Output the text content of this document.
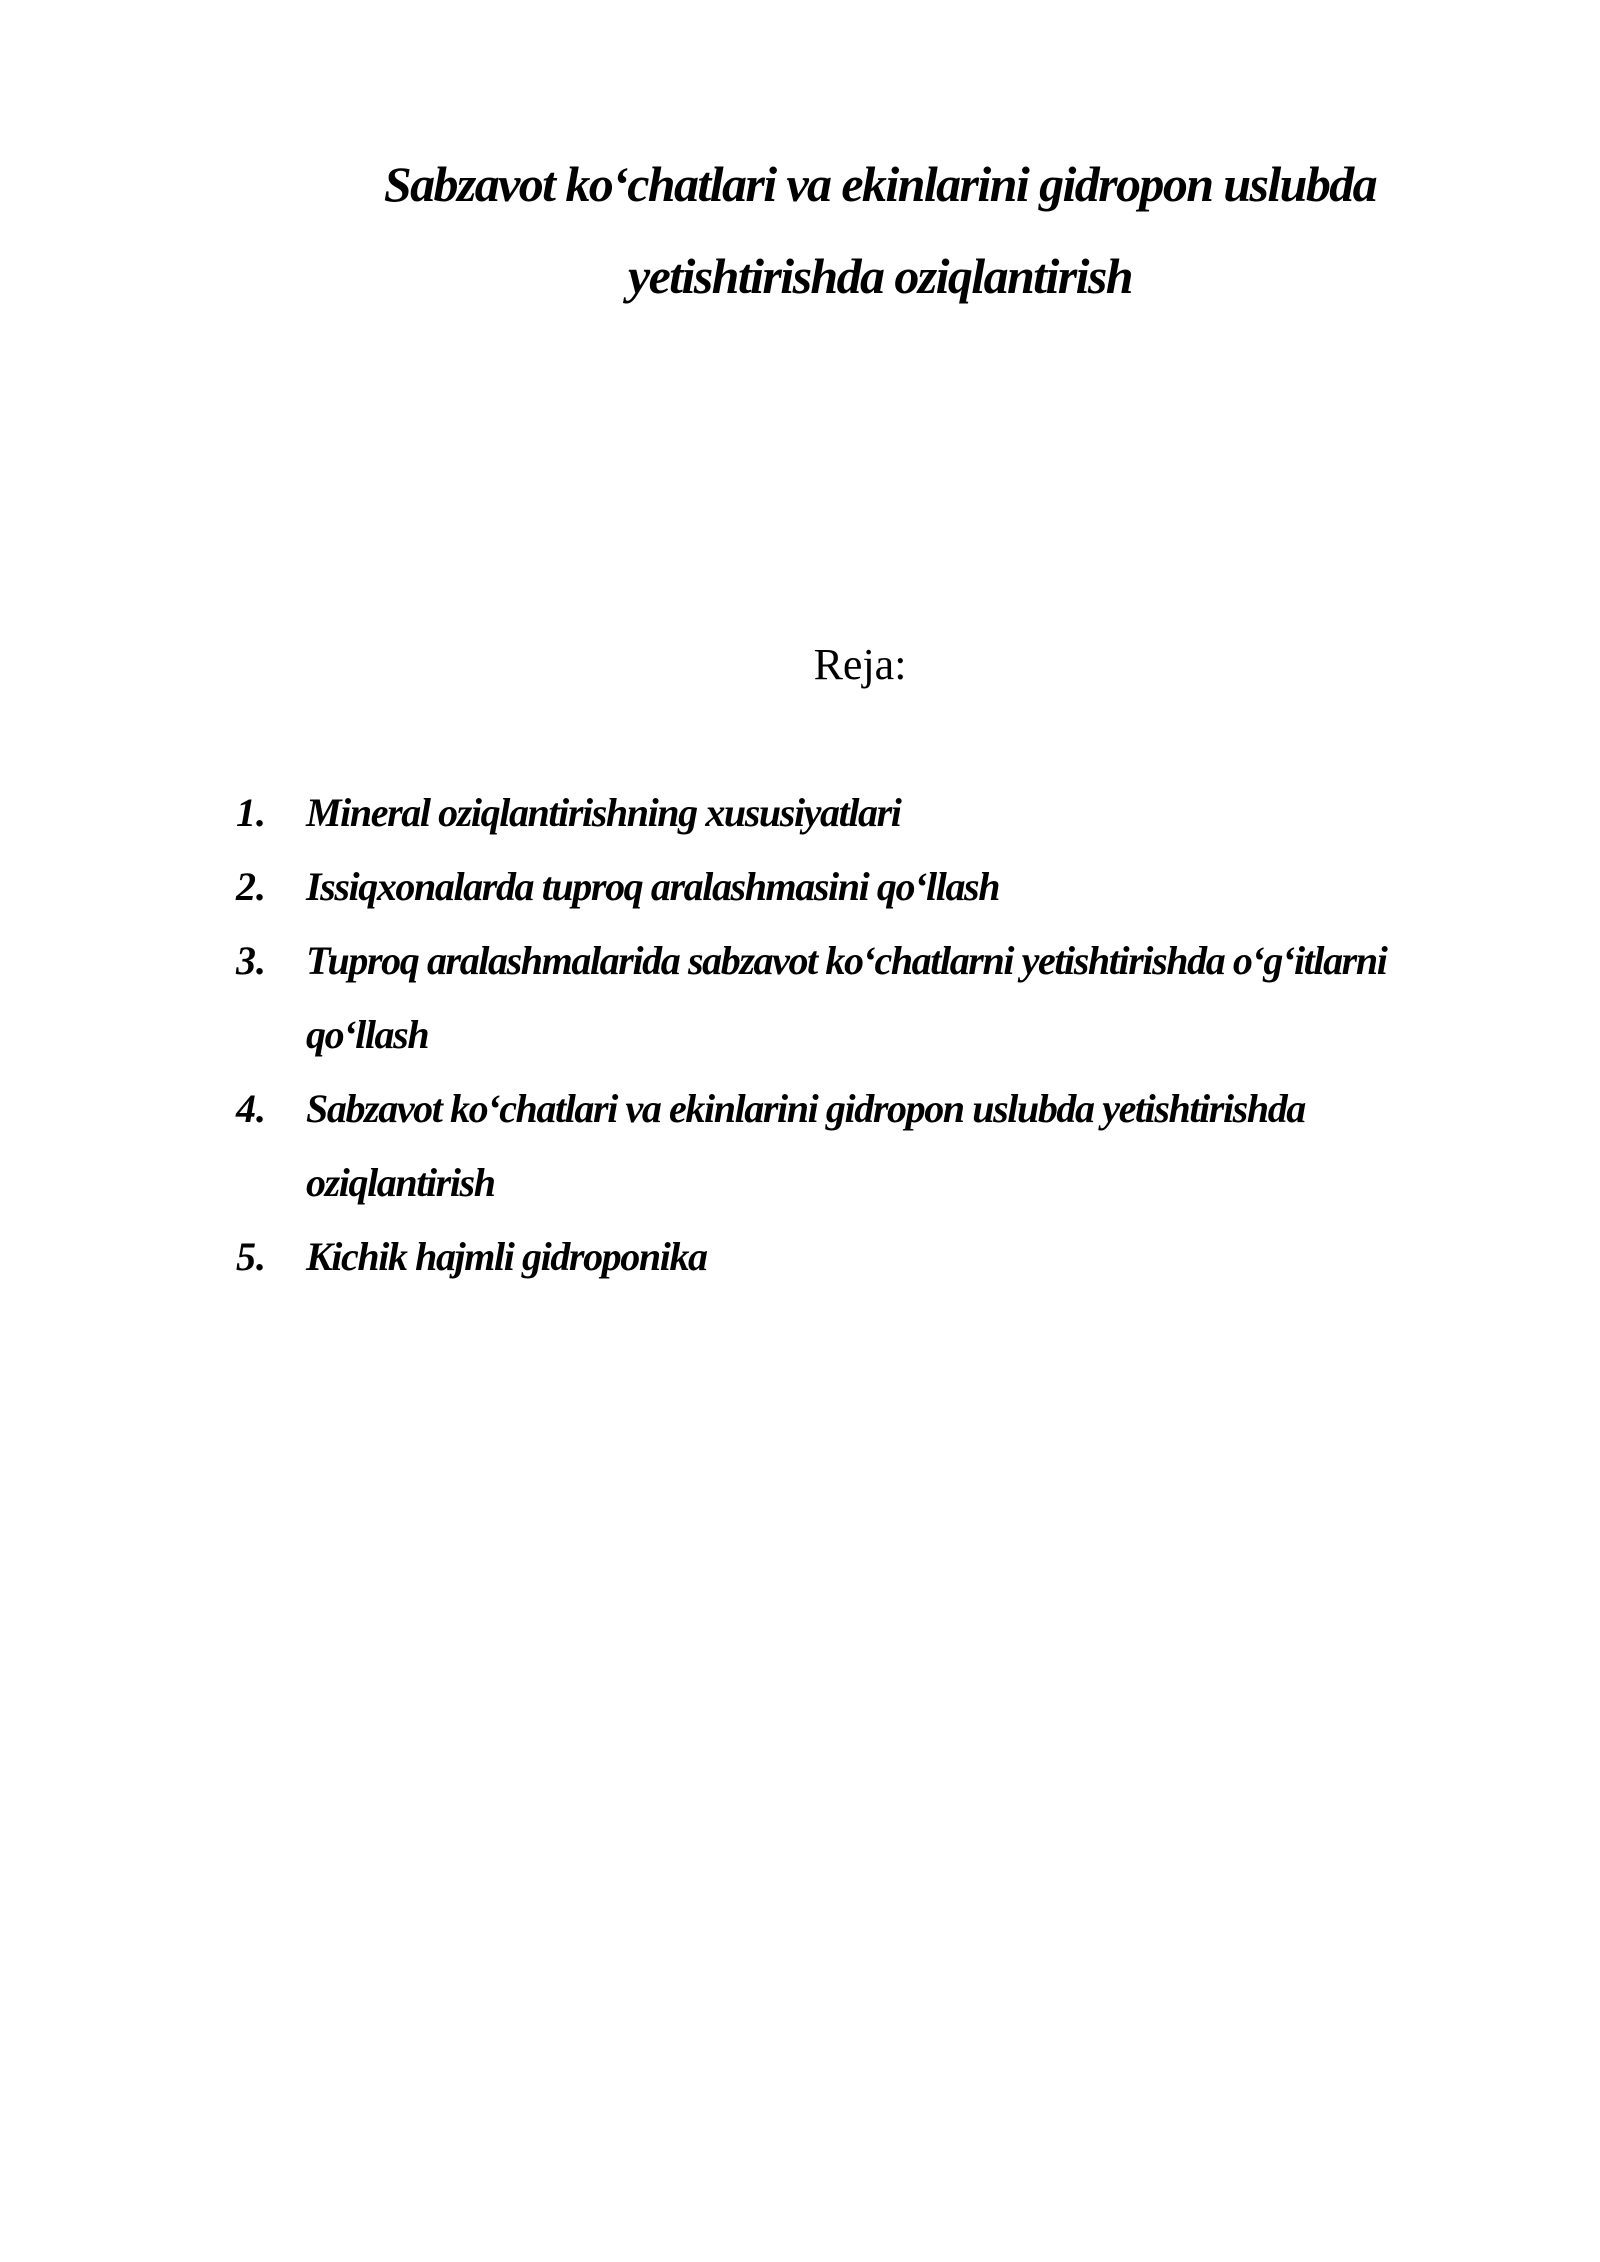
Sabzavot ko‘chatlari va ekinlarini gidropon uslubda
yetishtirishda oziqlantirish
Reja:
1. Mineral oziqlantirishning xususiyatlari
2. Issiqxonalarda tuproq aralashmasini qo‘llash
3. Tuproq aralashmalarida sabzavot ko‘chatlarni yetishtirishda o‘g‘itlarni
qo‘llash
4. Sabzavot ko‘chatlari va ekinlarini gidropon uslubda yetishtirishda
oziqlantirish
5. Kichik hajmli gidroponika
